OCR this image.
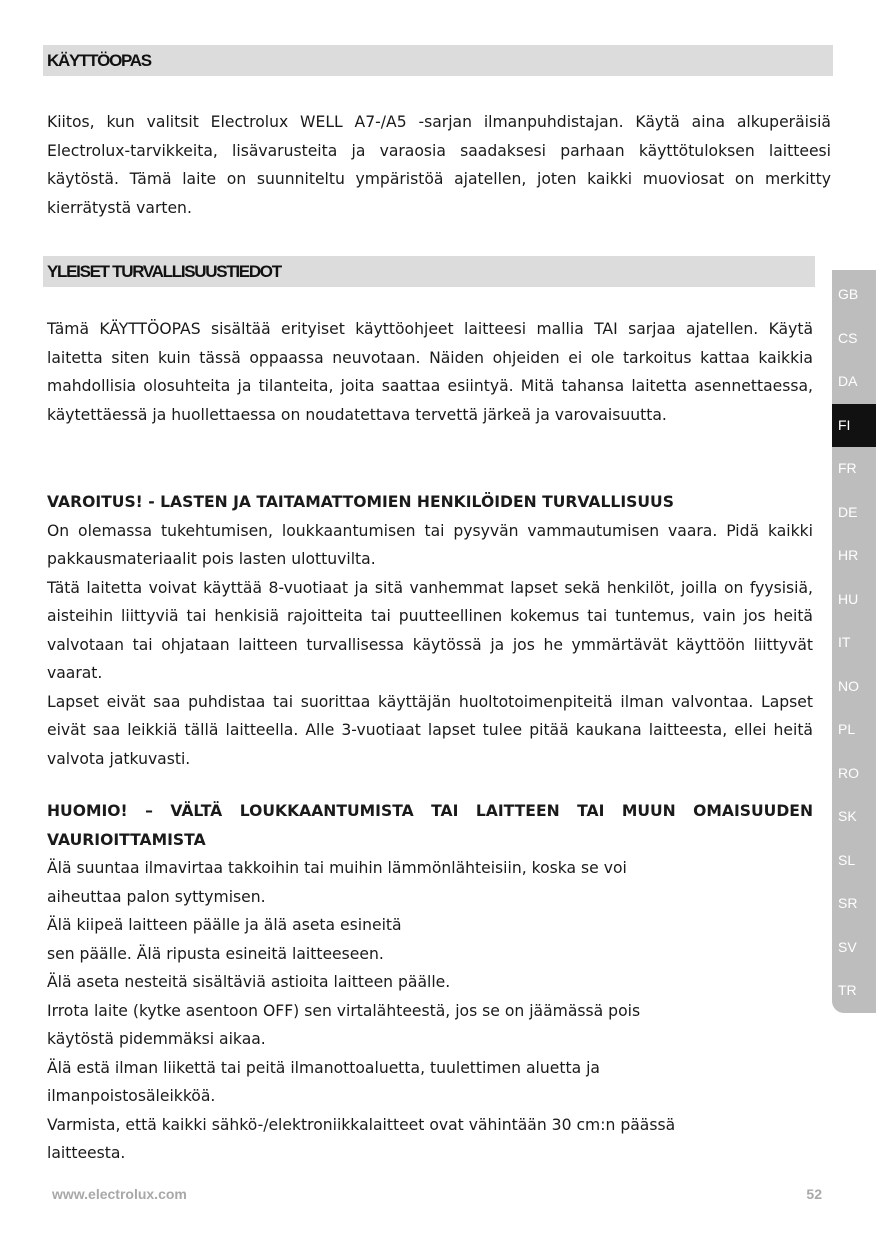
KÄYTTÖOPAS

Kiitos, kun valitsit Electrolux WELL A7-/A5 -sarjan ilmanpuhdistajan. Käytä aina alkuperäisiä Electrolux-tarvikkeita, lisävarusteita ja varaosia saadaksesi parhaan käyttötuloksen laitteesi käytöstä. Tämä laite on suunniteltu ympäristöä ajatellen, joten kaikki muoviosat on merkitty kierrätystä varten.

YLEISET TURVALLISUUSTIEDOT

Tämä KÄYTTÖOPAS sisältää erityiset käyttöohjeet laitteesi mallia TAI sarjaa ajatellen. Käytä laitetta siten kuin tässä oppaassa neuvotaan. Näiden ohjeiden ei ole tarkoitus kattaa kaikkia mahdollisia olosuhteita ja tilanteita, joita saattaa esiintyä. Mitä tahansa laitetta asennettaessa, käytettäessä ja huollettaessa on noudatettava tervettä järkeä ja varovaisuutta.

VAROITUS! - LASTEN JA TAITAMATTOMIEN HENKILÖIDEN TURVALLISUUS
On olemassa tukehtumisen, loukkaantumisen tai pysyvän vammautumisen vaara. Pidä kaikki pakkausmateriaalit pois lasten ulottuvilta.
Tätä laitetta voivat käyttää 8-vuotiaat ja sitä vanhemmat lapset sekä henkilöt, joilla on fyysisiä, aisteihin liittyviä tai henkisiä rajoitteita tai puutteellinen kokemus tai tuntemus, vain jos heitä valvotaan tai ohjataan laitteen turvallisessa käytössä ja jos he ymmärtävät käyttöön liittyvät vaarat.
Lapset eivät saa puhdistaa tai suorittaa käyttäjän huoltotoimenpiteitä ilman valvontaa. Lapset eivät saa leikkiä tällä laitteella. Alle 3-vuotiaat lapset tulee pitää kaukana laitteesta, ellei heitä valvota jatkuvasti.
HUOMIO! – VÄLTÄ LOUKKAANTUMISTA TAI LAITTEEN TAI MUUN OMAISUUDEN VAURIOITTAMISTA
Älä suuntaa ilmavirtaa takkoihin tai muihin lämmönlähteisiin, koska se voi
aiheuttaa palon syttymisen.
Älä kiipeä laitteen päälle ja älä aseta esineitä
sen päälle. Älä ripusta esineitä laitteeseen.
Älä aseta nesteitä sisältäviä astioita laitteen päälle.
Irrota laite (kytke asentoon OFF) sen virtalähteestä, jos se on jäämässä pois
käytöstä pidemmäksi aikaa.
Älä estä ilman liikettä tai peitä ilmanottoaluetta, tuulettimen aluetta ja
ilmanpoistosäleikköä.
Varmista, että kaikki sähkö-/elektroniikkalaitteet ovat vähintään 30 cm:n päässä
laitteesta.
GB
CS
DA
FI
FR
DE
HR
HU
IT
NO
PL
RO
SK
SL
SR
SV
TR
www.electrolux.com	52
